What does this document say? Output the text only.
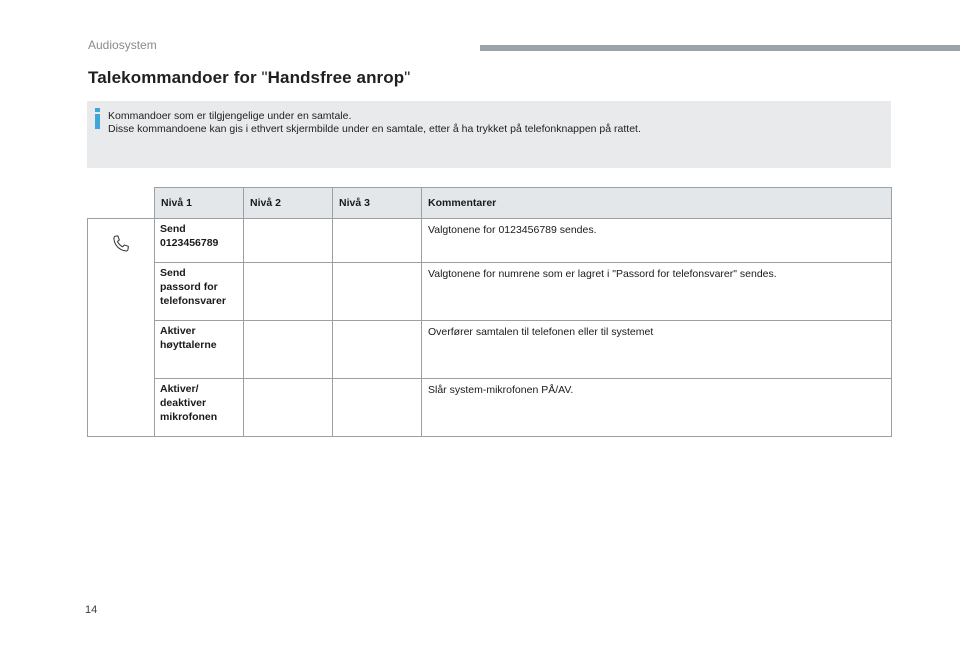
Audiosystem
Talekommandoer for "Handsfree anrop"
Kommandoer som er tilgjengelige under en samtale.
Disse kommandoene kan gis i ethvert skjermbilde under en samtale, etter å ha trykket på telefonknappen på rattet.
	Nivå 1	Nivå 2	Nivå 3	Kommentarer

Send
0123456789			Valgtonene for 0123456789 sendes.

	Send
passord for
telefonsvarer			Valgtonene for numrene som er lagret i "Passord for telefonsvarer" sendes.

	Aktiver
høyttalerne			Overfører samtalen til telefonen eller til systemet

	Aktiver/
deaktiver
mikrofonen			Slår system-mikrofonen PÅ/AV.
14
